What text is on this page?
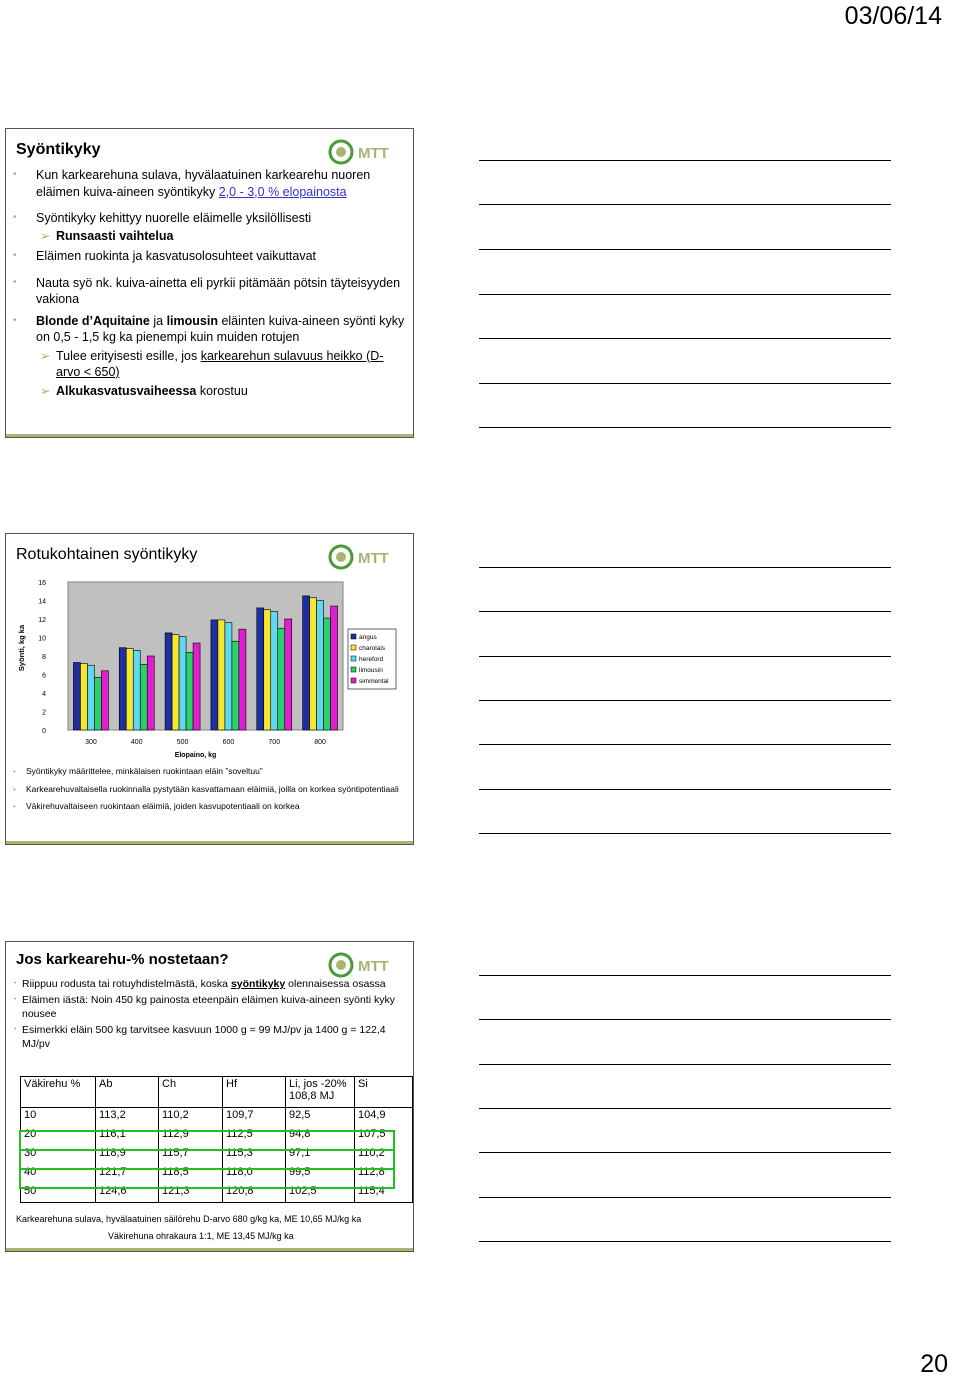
03/06/14
Syöntikyky	MTT
• Kun karkearehuna sulava, hyvälaatuinen karkearehu nuoren eläimen kuiva-aineen syöntikyky 2,0 - 3,0 % elopainosta
• Syöntikyky kehittyy nuorelle eläimelle yksilöllisesti
➢ Runsaasti vaihtelua
• Eläimen ruokinta ja kasvatusolosuhteet vaikuttavat
• Nauta syö nk. kuiva-ainetta eli pyrkii pitämään pötsin täyteisyyden vakiona
• Blonde d’Aquitaine ja limousin eläinten kuiva-aineen syönti kyky on 0,5 - 1,5 kg ka pienempi kuin muiden rotujen
➢ Tulee erityisesti esille, jos karkearehun sulavuus heikko (D-arvo < 650)
➢ Alkukasvatusvaiheessa korostuu
Rotukohtainen syöntikyky	MTT
0
2
4
6
8
10
12
14
16
Syönti, kg ka
300	400	500	600	700	800
Elopaino, kg
angus
charolais
hereford
limousin
simmental
• Syöntikyky määrittelee, minkälaisen ruokintaan eläin ”soveltuu”
• Karkearehuvaltaisella ruokinnalla pystytään kasvattamaan eläimiä, joilla on korkea syöntipotentiaali
• Väkirehuvaltaiseen ruokintaan eläimiä, joiden kasvupotentiaali on korkea
Jos karkearehu-% nostetaan?	MTT
• Riippuu rodusta tai rotuyhdistelmästä, koska syöntikyky olennaisessa osassa
• Eläimen iästä: Noin 450 kg painosta eteenpäin eläimen kuiva-aineen syönti kyky nousee
• Esimerkki eläin 500 kg tarvitsee kasvuun 1000 g = 99 MJ/pv ja 1400 g = 122,4 MJ/pv
Väkirehu %	Ab	Ch	Hf	Li, jos -20% 108,8 MJ	Si
10	113,2	110,2	109,7	92,5	104,9
20	116,1	112,9	112,5	94,8	107,5
30	118,9	115,7	115,3	97,1	110,2
40	121,7	118,5	118,0	99,5	112,8
50	124,6	121,3	120,8	102,5	115,4
Karkearehuna sulava, hyvälaatuinen säilörehu D-arvo 680 g/kg ka, ME 10,65 MJ/kg ka
Väkirehuna ohrakaura 1:1, ME 13,45 MJ/kg ka
20
